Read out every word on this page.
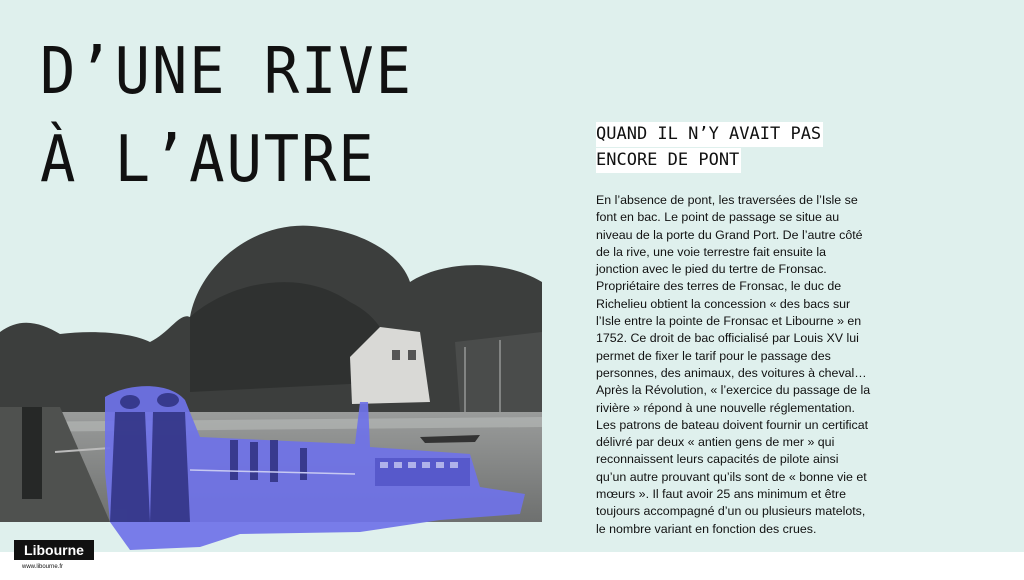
D’UNE RIVE
À L’AUTRE	QUAND IL N’Y AVAIT PAS
ENCORE DE PONT

En l’absence de pont, les traversées de l’Isle se font en bac. Le point de passage se situe au niveau de la porte du Grand Port. De l’autre côté de la rive, une voie terrestre fait ensuite la jonction avec le pied du tertre de Fronsac. Propriétaire des terres de Fronsac, le duc de Richelieu obtient la concession « des bacs sur l’Isle entre la pointe de Fronsac et Libourne » en 1752. Ce droit de bac officialisé par Louis XV lui permet de fixer le tarif pour le passage des personnes, des animaux, des voitures à cheval… Après la Révolution, « l’exercice du passage de la rivière » répond à une nouvelle réglementation. Les patrons de bateau doivent fournir un certificat délivré par deux « antien gens de mer » qui reconnaissent leurs capacités de pilote ainsi qu’un autre prouvant qu’ils sont de « bonne vie et mœurs ». Il faut avoir 25 ans minimum et être toujours accompagné d’un ou plusieurs matelots, le nombre variant en fonction des crues.

Libourne
www.libourne.fr
